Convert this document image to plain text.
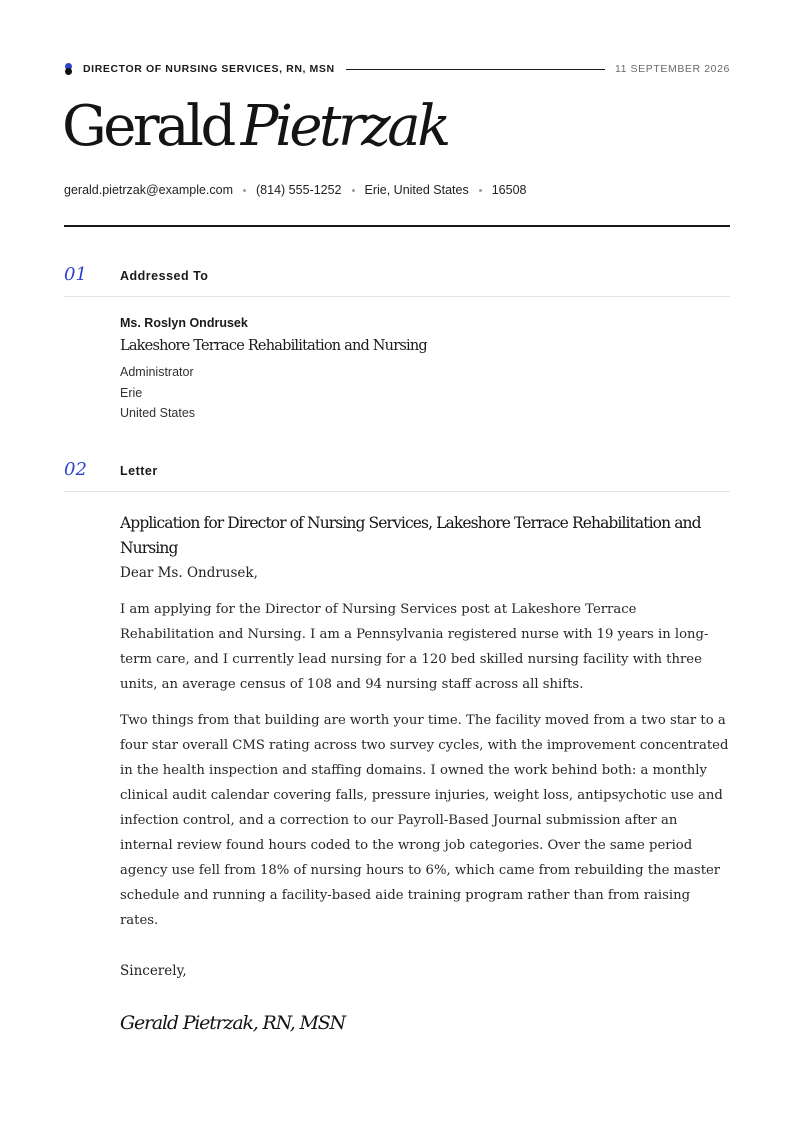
DIRECTOR OF NURSING SERVICES, RN, MSN	11 SEPTEMBER 2026
Gerald Pietrzak
gerald.pietrzak@example.com (814) 555-1252 Erie, United States 16508
01	Addressed To
Ms. Roslyn Ondrusek
Lakeshore Terrace Rehabilitation and Nursing
Administrator
Erie
United States
02	Letter
Application for Director of Nursing Services, Lakeshore Terrace Rehabilitation and Nursing
Dear Ms. Ondrusek,

I am applying for the Director of Nursing Services post at Lakeshore Terrace Rehabilitation and Nursing. I am a Pennsylvania registered nurse with 19 years in long-term care, and I currently lead nursing for a 120 bed skilled nursing facility with three units, an average census of 108 and 94 nursing staff across all shifts.

Two things from that building are worth your time. The facility moved from a two star to a four star overall CMS rating across two survey cycles, with the improvement concentrated in the health inspection and staffing domains. I owned the work behind both: a monthly clinical audit calendar covering falls, pressure injuries, weight loss, antipsychotic use and infection control, and a correction to our Payroll-Based Journal submission after an internal review found hours coded to the wrong job categories. Over the same period agency use fell from 18% of nursing hours to 6%, which came from rebuilding the master schedule and running a facility-based aide training program rather than from raising rates.

Sincerely,
Gerald Pietrzak, RN, MSN
